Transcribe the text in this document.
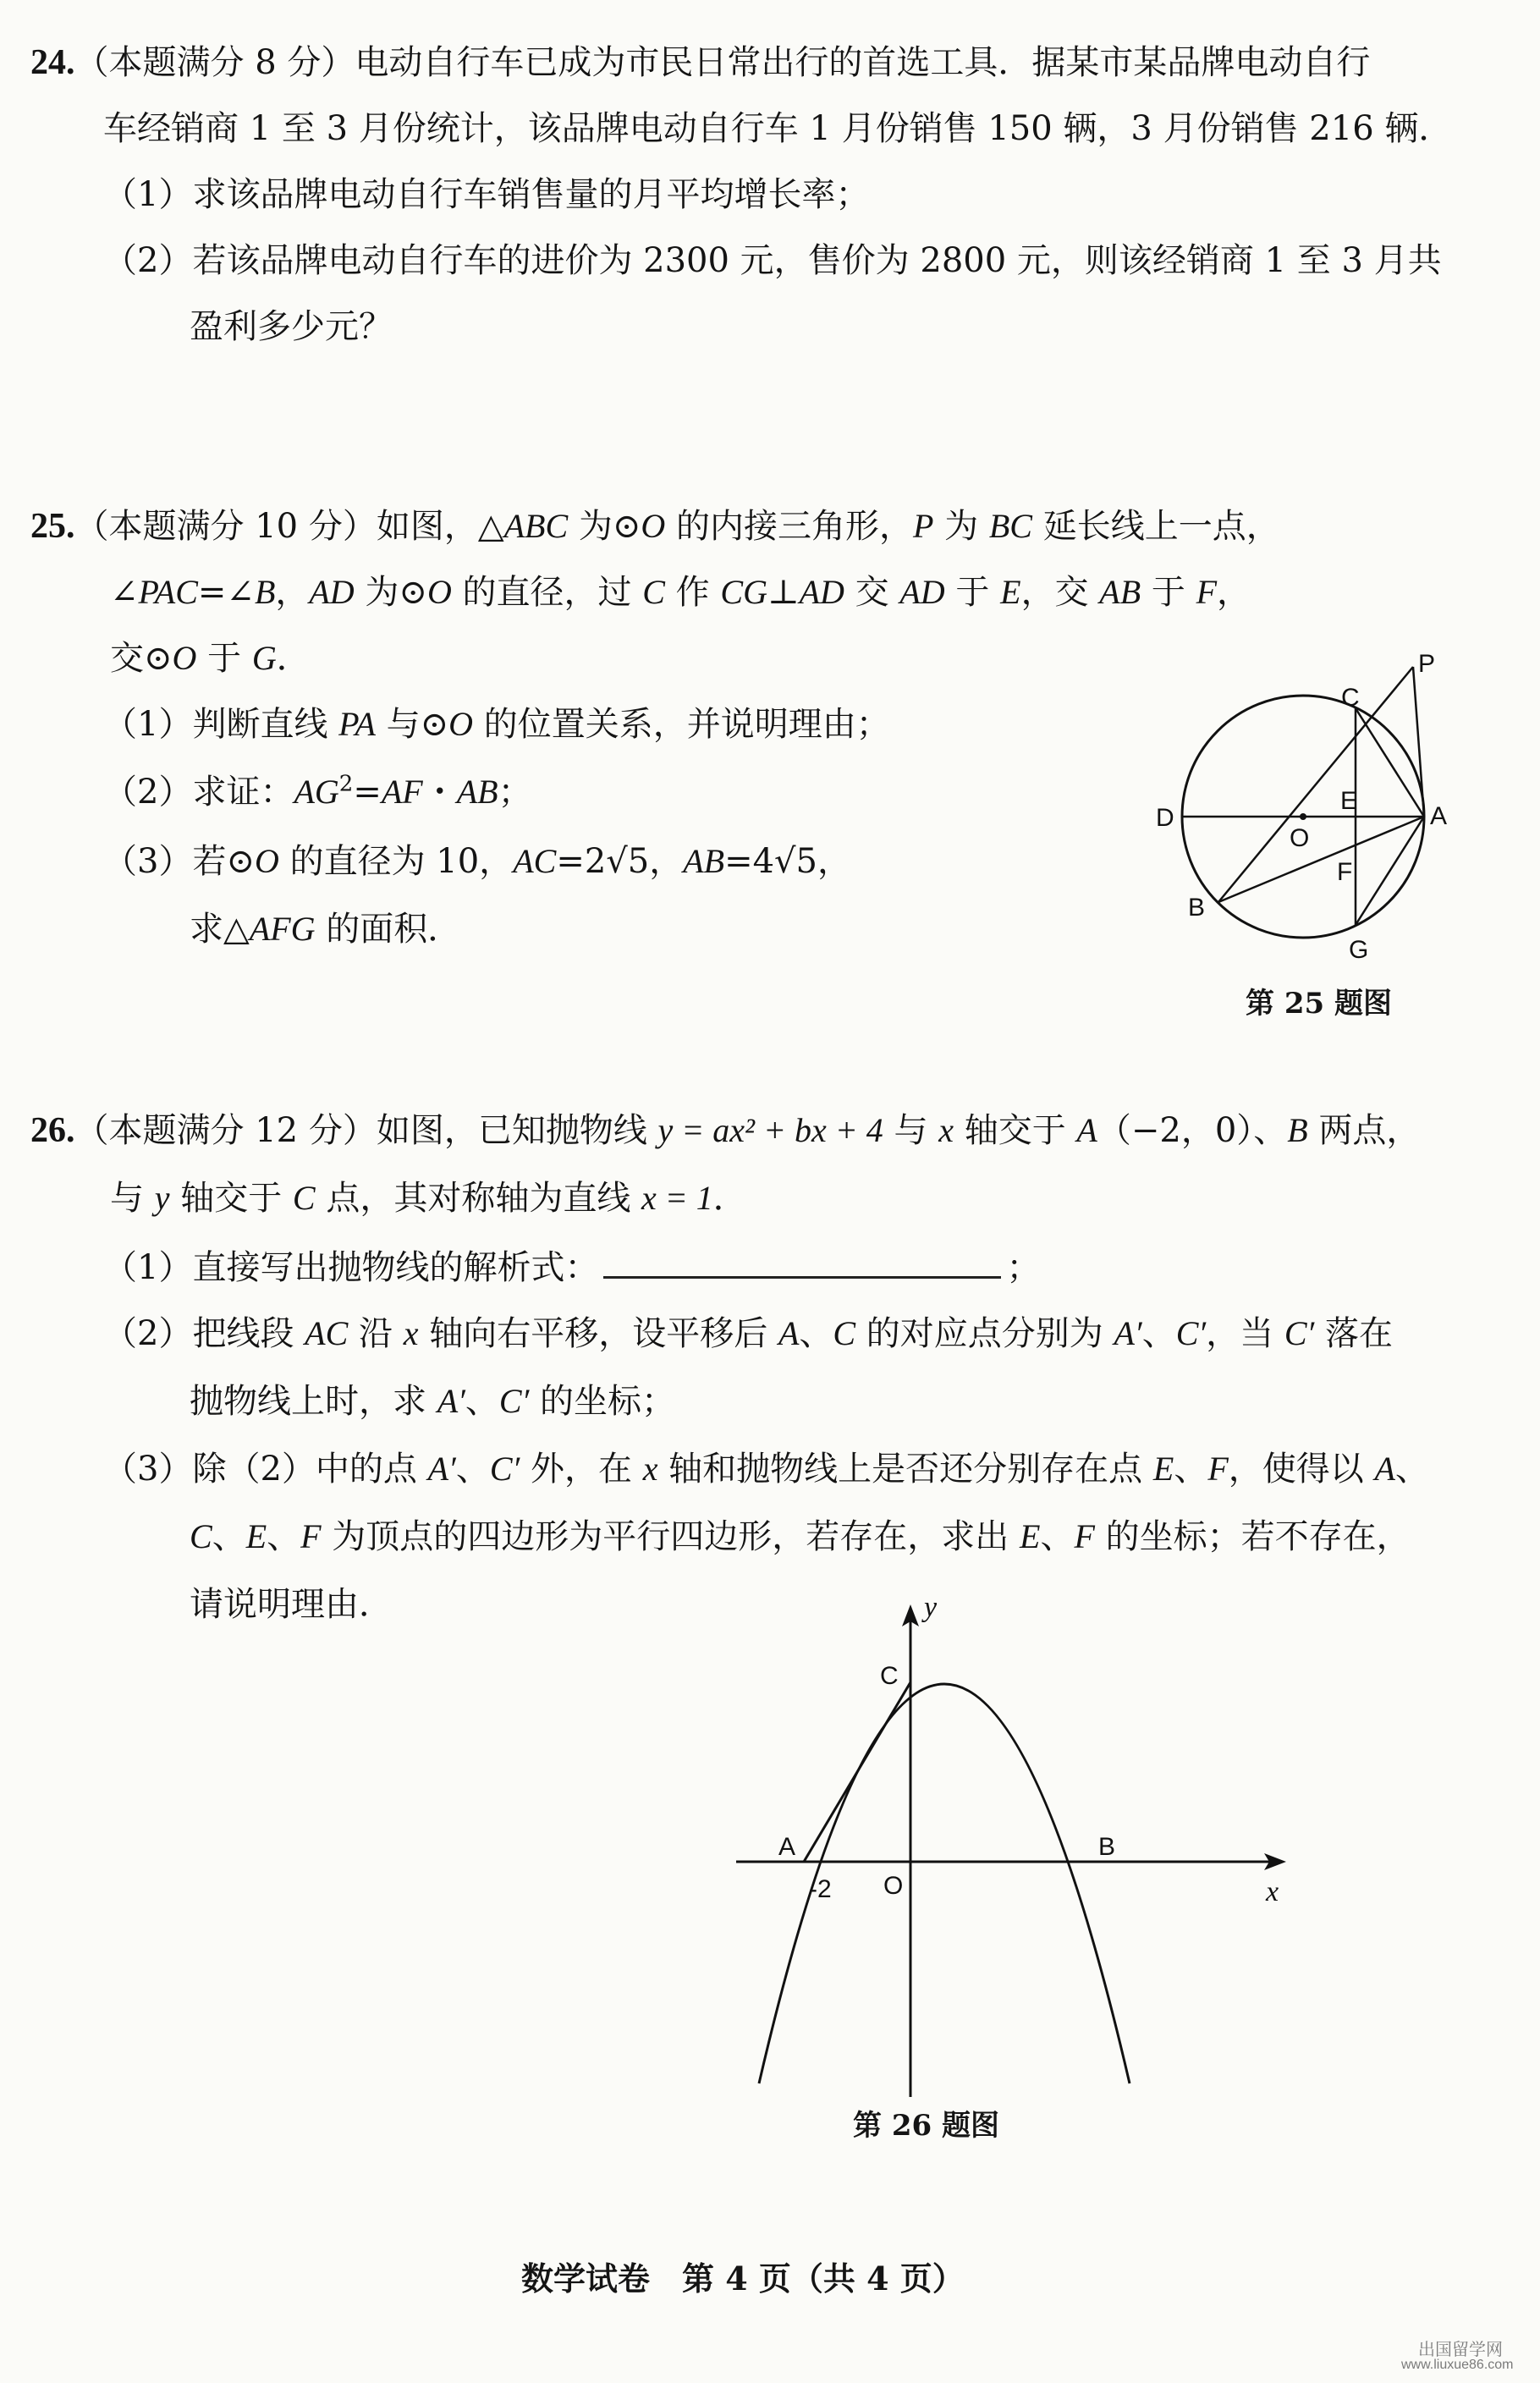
24.（本题满分 8 分）电动自行车已成为市民日常出行的首选工具．据某市某品牌电动自行
车经销商 1 至 3 月份统计，该品牌电动自行车 1 月份销售 150 辆，3 月份销售 216 辆．
（1）求该品牌电动自行车销售量的月平均增长率；
（2）若该品牌电动自行车的进价为 2300 元，售价为 2800 元，则该经销商 1 至 3 月共
盈利多少元？
25.（本题满分 10 分）如图，△ABC 为⊙O 的内接三角形，P 为 BC 延长线上一点，
∠PAC=∠B，AD 为⊙O 的直径，过 C 作 CG⊥AD 交 AD 于 E，交 AB 于 F，
交⊙O 于 G．
（1）判断直线 PA 与⊙O 的位置关系，并说明理由；
（2）求证：$AG^2=AF$・AB；
（3）若⊙O 的直径为 10，AC=2√5，AB=4√5，
求△AFG 的面积．
P
C
D
O
E
A
F
B
G
第 25 题图
26.（本题满分 12 分）如图，已知抛物线 y = ax² + bx + 4 与 x 轴交于 A（−2，0）、B 两点，
与 y 轴交于 C 点，其对称轴为直线 x = 1．
（1）直接写出抛物线的解析式：	；
（2）把线段 AC 沿 x 轴向右平移，设平移后 A、C 的对应点分别为 A′、C′，当 C′ 落在
抛物线上时，求 A′、C′ 的坐标；
（3）除（2）中的点 A′、C′ 外，在 x 轴和抛物线上是否还分别存在点 E、F，使得以 A、
C、E、F 为顶点的四边形为平行四边形，若存在，求出 E、F 的坐标；若不存在，
请说明理由．	y
x
C
A	B
O
-2
第 26 题图
数学试卷　第 4 页（共 4 页）
出国留学网
www.liuxue86.com
